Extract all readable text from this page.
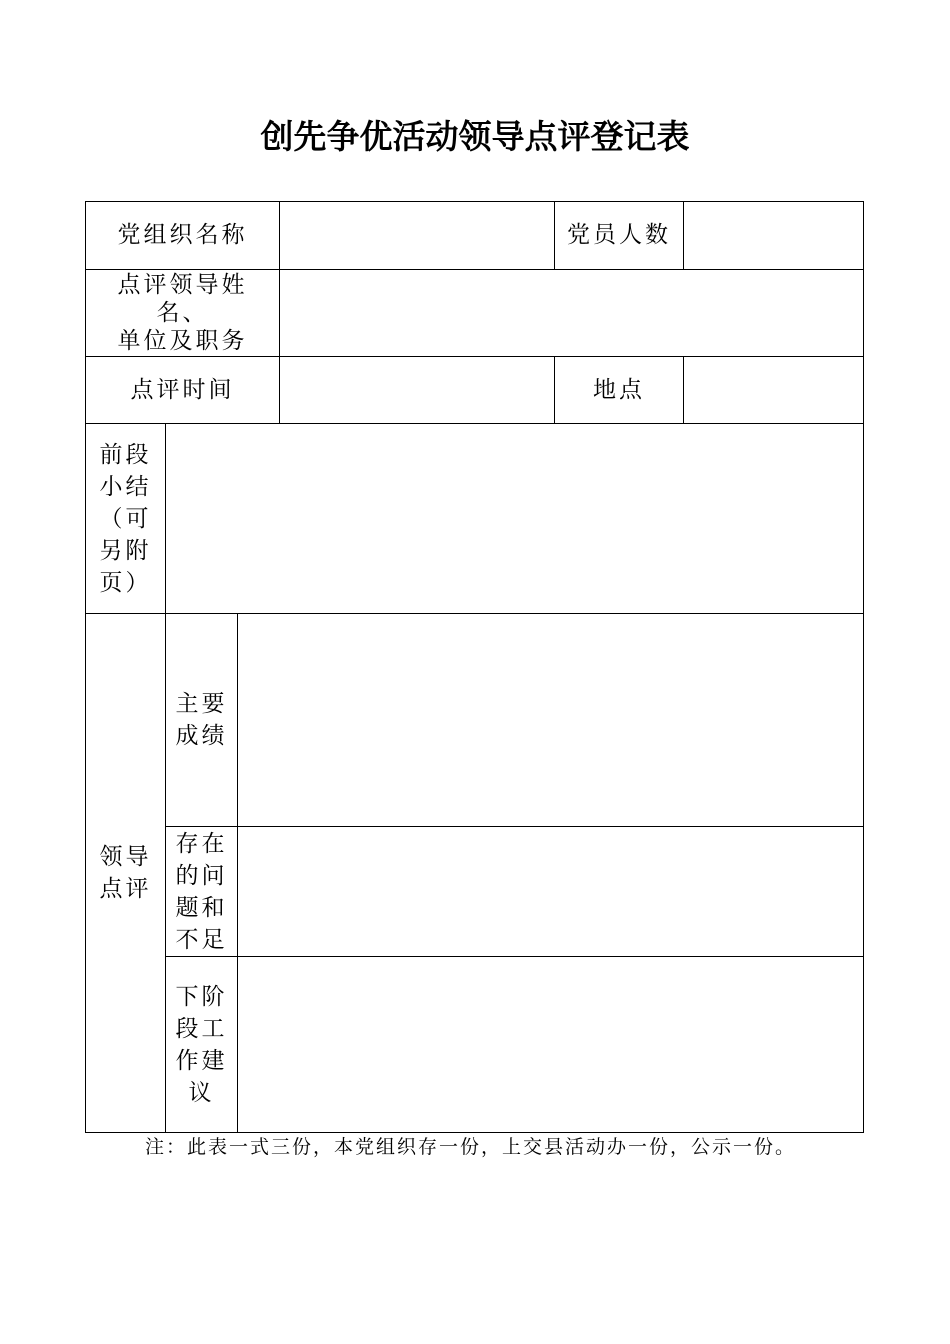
创先争优活动领导点评登记表
党组织名称	党员人数
点评领导姓
名、
单位及职务
点评时间	地点
前段
小结
（可
另附
页）
领导
点评
主要
成绩
存在
的问
题和
不足
下阶
段工
作建
议
注：此表一式三份，本党组织存一份，上交县活动办一份，公示一份。
